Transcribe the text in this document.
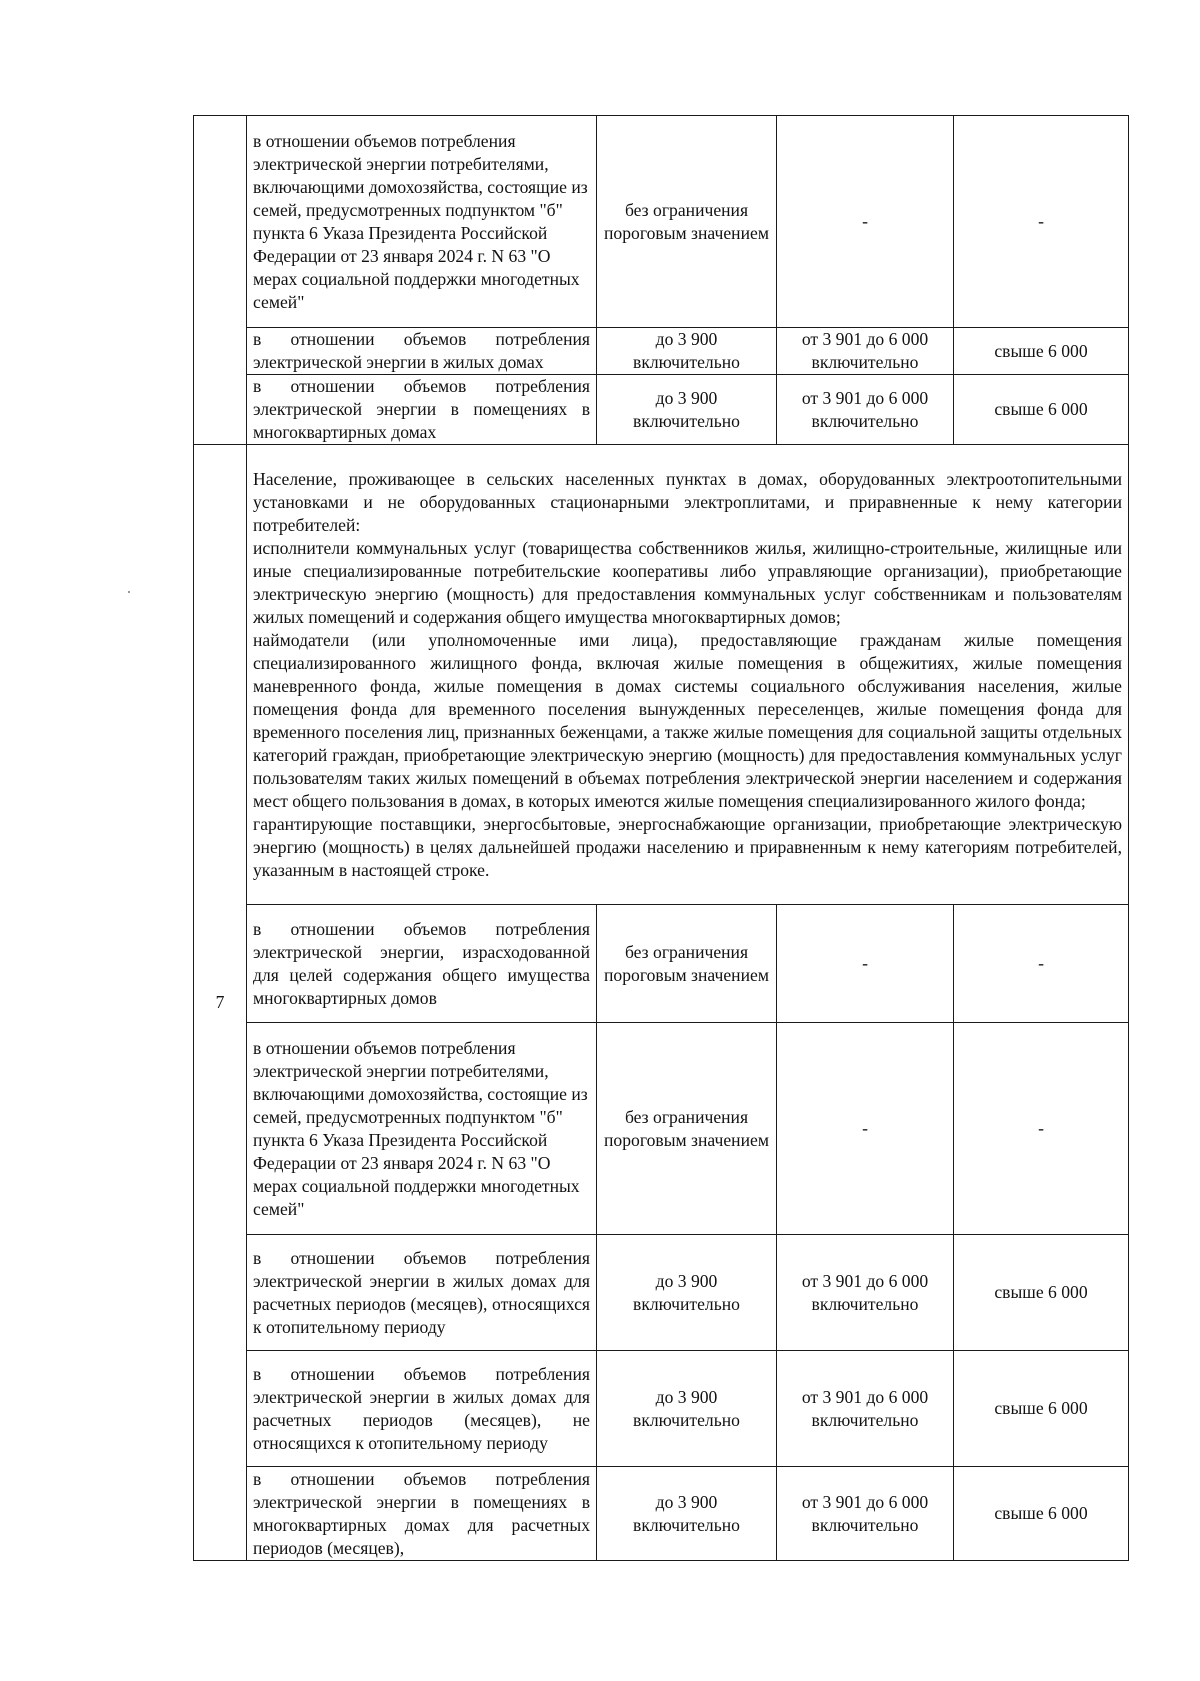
	в отношении объемов потребления электрической энергии потребителями, включающими домохозяйства, состоящие из семей, предусмотренных подпунктом "б" пункта 6 Указа Президента Российской Федерации от 23 января 2024 г. N 63 "О мерах социальной поддержки многодетных семей"	без ограничения пороговым значением	-	-
	в отношении объемов потребления электрической энергии в жилых домах	до 3 900 включительно	от 3 901 до 6 000 включительно	свыше 6 000
	в отношении объемов потребления электрической энергии в помещениях в многоквартирных домах	до 3 900 включительно	от 3 901 до 6 000 включительно	свыше 6 000
7	Население, проживающее в сельских населенных пунктах в домах, оборудованных электроотопительными установками и не оборудованных стационарными электроплитами, и приравненные к нему категории потребителей:
исполнители коммунальных услуг (товарищества собственников жилья, жилищно-строительные, жилищные или иные специализированные потребительские кооперативы либо управляющие организации), приобретающие электрическую энергию (мощность) для предоставления коммунальных услуг собственникам и пользователям жилых помещений и содержания общего имущества многоквартирных домов;
наймодатели (или уполномоченные ими лица), предоставляющие гражданам жилые помещения специализированного жилищного фонда, включая жилые помещения в общежитиях, жилые помещения маневренного фонда, жилые помещения в домах системы социального обслуживания населения, жилые помещения фонда для временного поселения вынужденных переселенцев, жилые помещения фонда для временного поселения лиц, признанных беженцами, а также жилые помещения для социальной защиты отдельных категорий граждан, приобретающие электрическую энергию (мощность) для предоставления коммунальных услуг пользователям таких жилых помещений в объемах потребления электрической энергии населением и содержания мест общего пользования в домах, в которых имеются жилые помещения специализированного жилого фонда;
гарантирующие поставщики, энергосбытовые, энергоснабжающие организации, приобретающие электрическую энергию (мощность) в целях дальнейшей продажи населению и приравненным к нему категориям потребителей, указанным в настоящей строке.			

	в отношении объемов потребления электрической энергии, израсходованной для целей содержания общего имущества многоквартирных домов	без ограничения пороговым значением	-	-
	в отношении объемов потребления электрической энергии потребителями, включающими домохозяйства, состоящие из семей, предусмотренных подпунктом "б" пункта 6 Указа Президента Российской Федерации от 23 января 2024 г. N 63 "О мерах социальной поддержки многодетных семей"	без ограничения пороговым значением	-	-
	в отношении объемов потребления электрической энергии в жилых домах для расчетных периодов (месяцев), относящихся к отопительному периоду	до 3 900 включительно	от 3 901 до 6 000 включительно	свыше 6 000
	в отношении объемов потребления электрической энергии в жилых домах для расчетных периодов (месяцев), не относящихся к отопительному периоду	до 3 900 включительно	от 3 901 до 6 000 включительно	свыше 6 000
	в отношении объемов потребления электрической энергии в помещениях в многоквартирных домах для расчетных периодов (месяцев),	до 3 900 включительно	от 3 901 до 6 000 включительно	свыше 6 000
